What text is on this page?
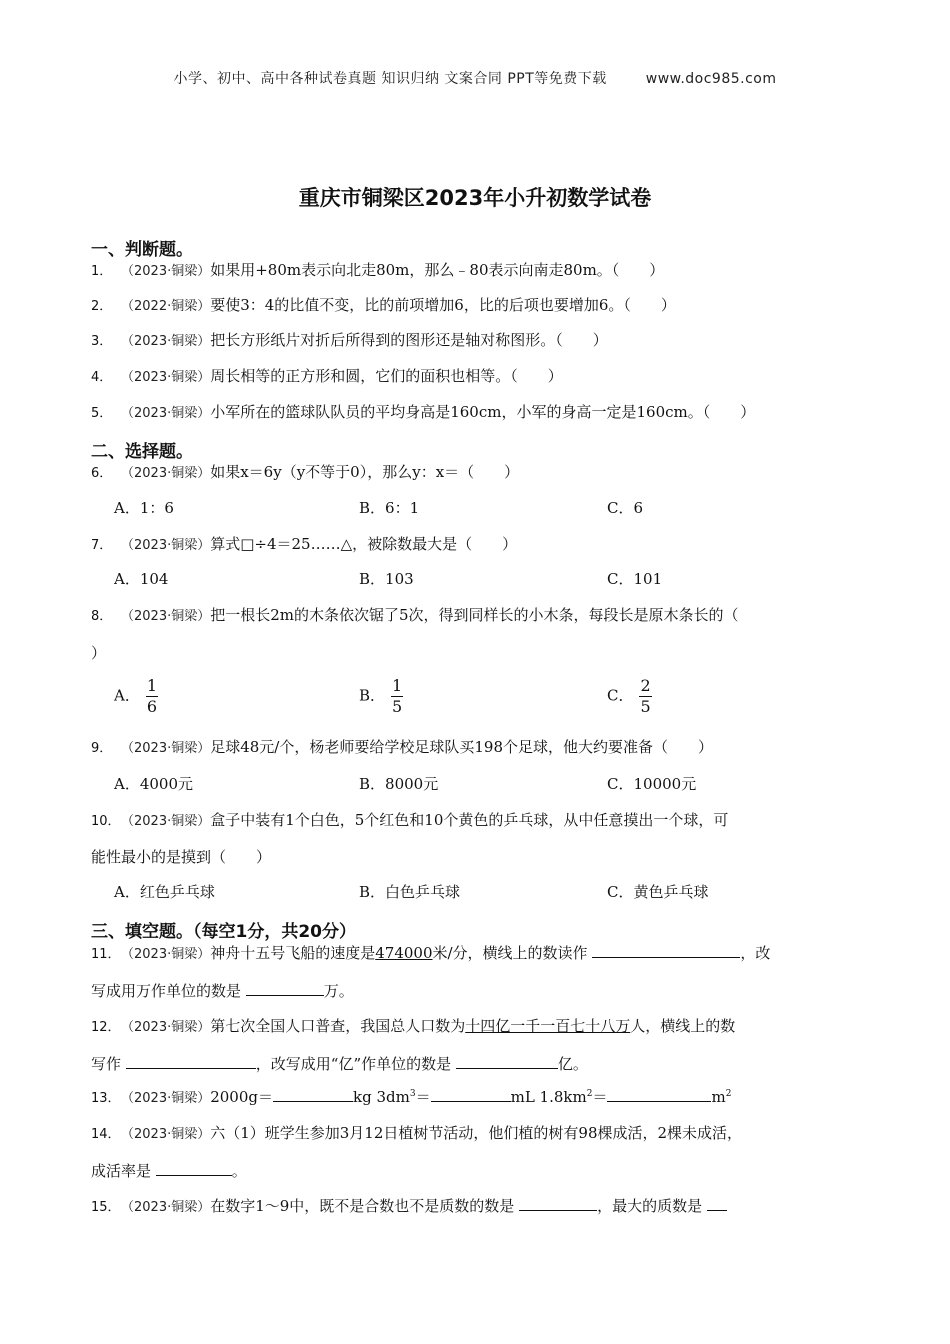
小学、初中、高中各种试卷真题 知识归纳 文案合同 PPT等免费下载	www.doc985.com
重庆市铜梁区2023年小升初数学试卷
一、判断题。
1． （2023·铜梁）如果用+80m表示向北走80m，那么﹣80表示向南走80m。（　　）
2． （2022·铜梁）要使3：4的比值不变，比的前项增加6，比的后项也要增加6。（　　）
3． （2023·铜梁）把长方形纸片对折后所得到的图形还是轴对称图形。（　　）
4． （2023·铜梁）周长相等的正方形和圆，它们的面积也相等。（　　）
5． （2023·铜梁）小军所在的篮球队队员的平均身高是160cm，小军的身高一定是160cm。（　　）
二、选择题。
6． （2023·铜梁）如果x＝6y（y不等于0），那么y：x＝（　　）
A．1：6	B．6：1	C．6
7． （2023·铜梁）算式□÷4＝25……△，被除数最大是（　　）
A．104	B．103	C．101
8． （2023·铜梁）把一根长2m的木条依次锯了5次，得到同样长的小木条，每段长是原木条长的（
）
A． $\frac{1}{6}$	B． $\frac{1}{5}$	C． $\frac{2}{5}$
9． （2023·铜梁）足球48元/个，杨老师要给学校足球队买198个足球，他大约要准备（　　）
A．4000元	B．8000元	C．10000元
10．（2023·铜梁）盒子中装有1个白色，5个红色和10个黄色的乒乓球，从中任意摸出一个球，可
能性最小的是摸到（　　）
A．红色乒乓球	B．白色乒乓球	C．黄色乒乓球
三、填空题。（每空1分，共20分）
11．（2023·铜梁）神舟十五号飞船的速度是474000米/分，横线上的数读作	，改
写成用万作单位的数是	万。
12．（2023·铜梁）第七次全国人口普查，我国总人口数为十四亿一千一百七十八万人，横线上的数
写作	，改写成用“亿”作单位的数是	亿。
13．（2023·铜梁）2000g＝	kg $3dm^3=$	mL $1.8km^2=$	$m^2$
14．（2023·铜梁）六（1）班学生参加3月12日植树节活动，他们植的树有98棵成活，2棵未成活，
成活率是	。
15．（2023·铜梁）在数字1～9中，既不是合数也不是质数的数是	，最大的质数是
